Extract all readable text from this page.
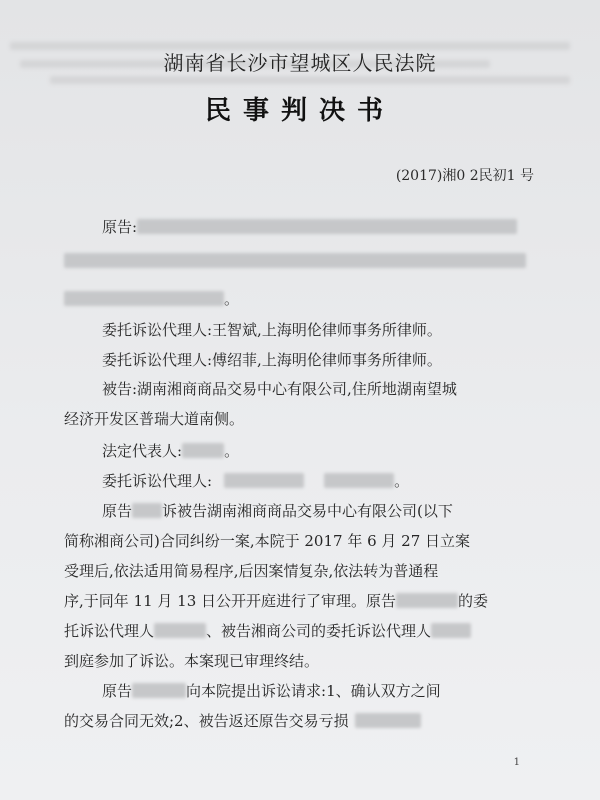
湖南省长沙市望城区人民法院
民事判决书
(2017)湘0 2民初1 号
原告:
。
委托诉讼代理人:王智斌,上海明伦律师事务所律师。
委托诉讼代理人:傅绍菲,上海明伦律师事务所律师。
被告:湖南湘商商品交易中心有限公司,住所地湖南望城
经济开发区普瑞大道南侧。
法定代表人:	。
委托诉讼代理人:	。
原告 诉被告湖南湘商商品交易中心有限公司(以下
简称湘商公司)合同纠纷一案,本院于 2017 年 6 月 27 日立案
受理后,依法适用简易程序,后因案情复杂,依法转为普通程
序,于同年 11 月 13 日公开开庭进行了审理。原告	的委
托诉讼代理人	、被告湘商公司的委托诉讼代理人
到庭参加了诉讼。本案现已审理终结。
原告	向本院提出诉讼请求:1、确认双方之间
的交易合同无效;2、被告返还原告交易亏损
1
